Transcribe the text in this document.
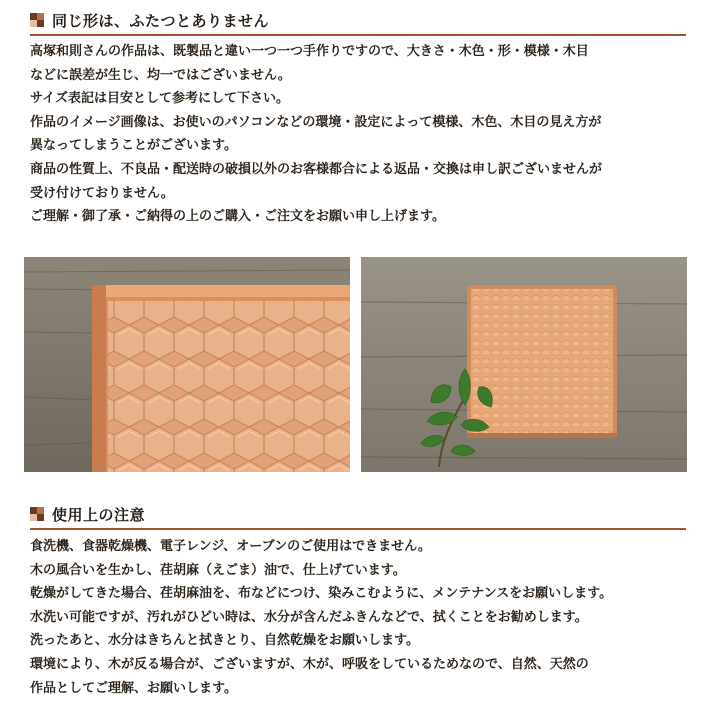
同じ形は、ふたつとありません

高塚和則さんの作品は、既製品と違い一つ一つ手作りですので、大きさ・木色・形・模様・木目

などに誤差が生じ、均一ではございません。

サイズ表記は目安として参考にして下さい。

作品のイメージ画像は、お使いのパソコンなどの環境・設定によって模様、木色、木目の見え方が

異なってしまうことがございます。

商品の性質上、不良品・配送時の破損以外のお客様都合による返品・交換は申し訳ございませんが

受け付けておりません。

ご理解・御了承・ご納得の上のご購入・ご注文をお願い申し上げます。

使用上の注意

食洗機、食器乾燥機、電子レンジ、オーブンのご使用はできません。

木の風合いを生かし、荏胡麻（えごま）油で、仕上げています。

乾燥がしてきた場合、荏胡麻油を、布などにつけ、染みこむように、メンテナンスをお願いします。

水洗い可能ですが、汚れがひどい時は、水分が含んだふきんなどで、拭くことをお勧めします。

洗ったあと、水分はきちんと拭きとり、自然乾燥をお願いします。

環境により、木が反る場合が、ございますが、木が、呼吸をしているためなので、自然、天然の

作品としてご理解、お願いします。
